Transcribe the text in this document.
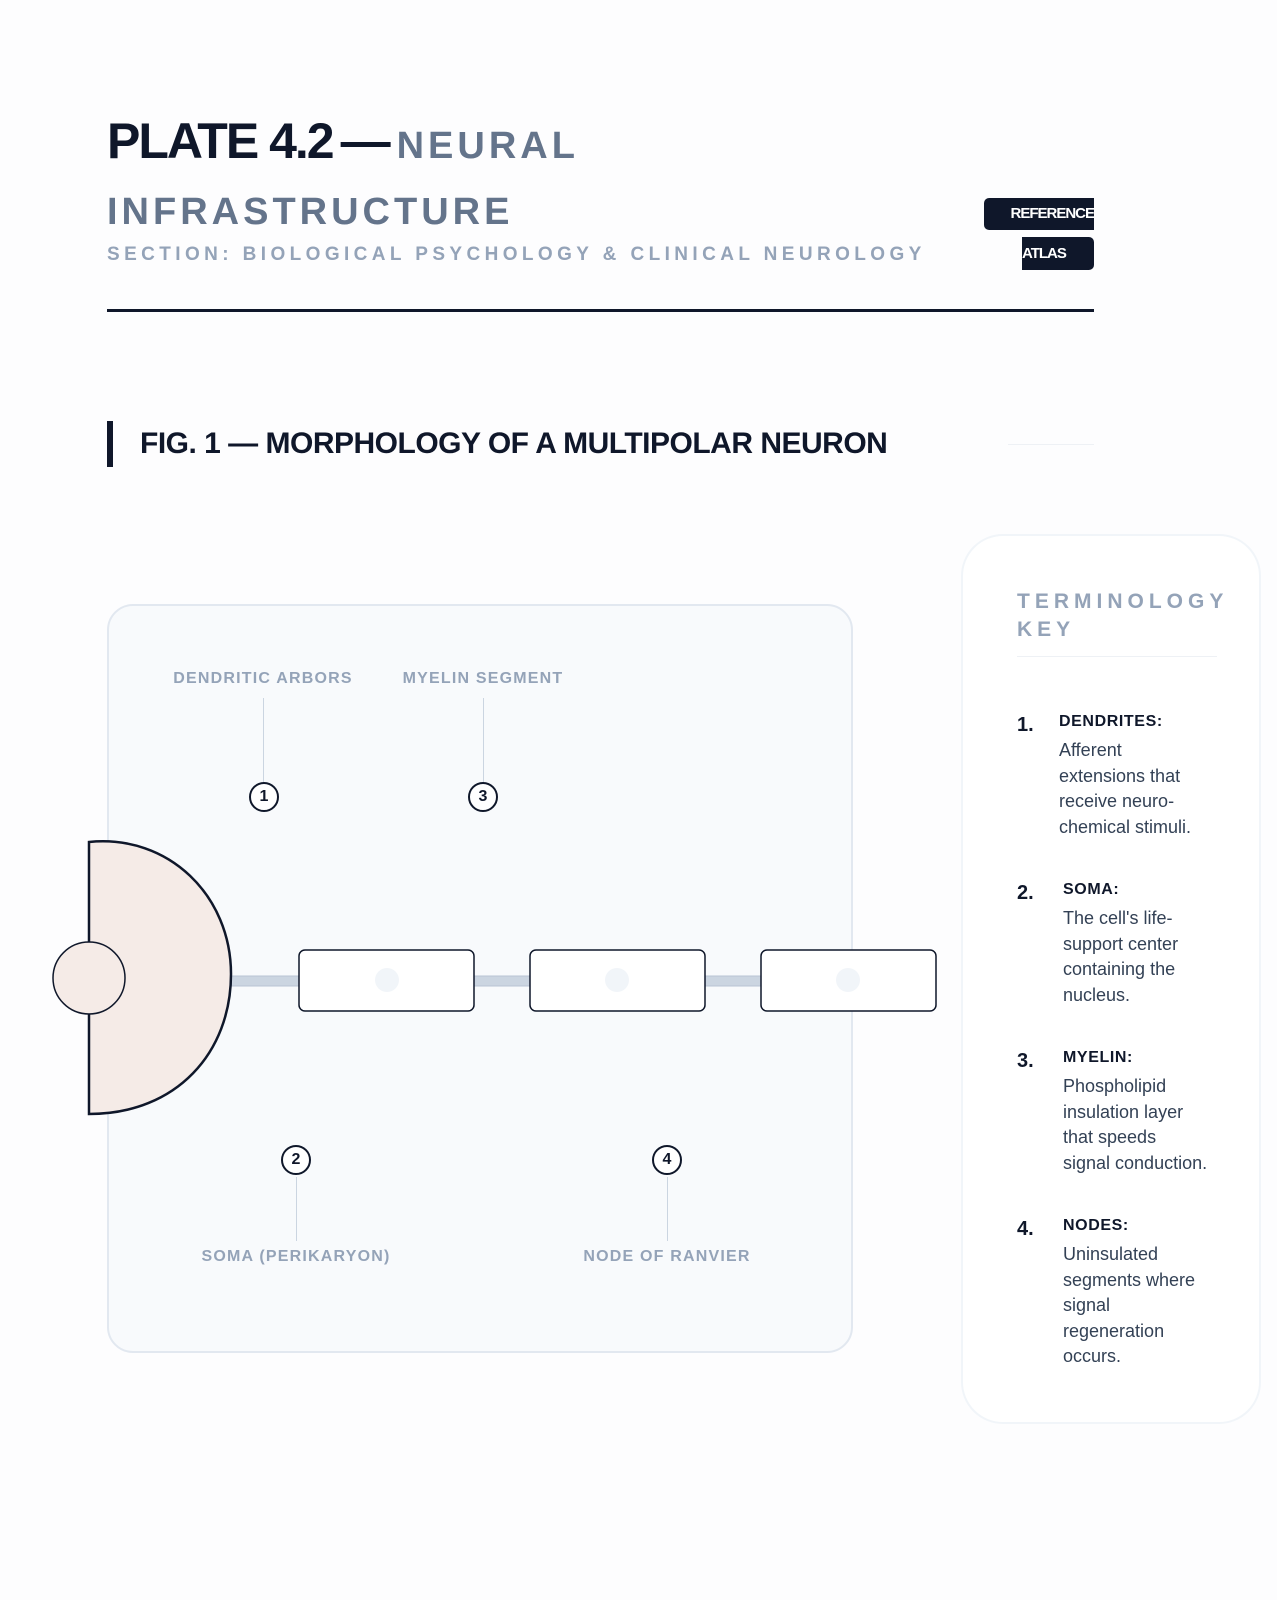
PLATE 4.2 — NEURAL
INFRASTRUCTURE
SECTION: BIOLOGICAL PSYCHOLOGY & CLINICAL NEUROLOGY
REFERENCE
ATLAS
FIG. 1 — MORPHOLOGY OF A MULTIPOLAR NEURON
DENDRITIC ARBORS
1
MYELIN SEGMENT
3
2
SOMA (PERIKARYON)
4
NODE OF RANVIER
TERMINOLOGY KEY
1. DENDRITES:
Afferent extensions that receive neuro-chemical stimuli.
2. SOMA:
The cell's life-support center containing the nucleus.
3. MYELIN:
Phospholipid insulation layer that speeds signal conduction.
4. NODES:
Uninsulated segments where signal regeneration occurs.
